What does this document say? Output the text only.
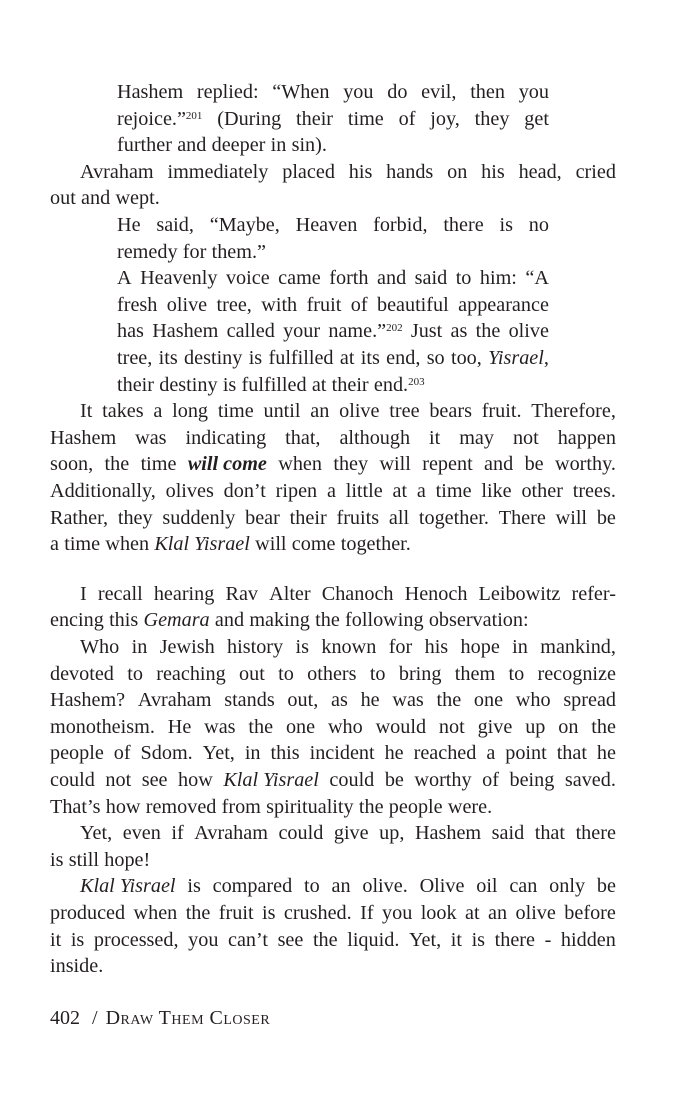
Hashem replied: “When you do evil, then you
rejoice.”$^{201}$ (During their time of joy, they get
further and deeper in sin).
Avraham immediately placed his hands on his head, cried
out and wept.
He said, “Maybe, Heaven forbid, there is no
remedy for them.”
A Heavenly voice came forth and said to him: “A
fresh olive tree, with fruit of beautiful appearance
has Hashem called your name.”$^{202}$ Just as the olive
tree, its destiny is fulfilled at its end, so too, Yisrael,
their destiny is fulfilled at their end.$^{203}$
It takes a long time until an olive tree bears fruit. Therefore,
Hashem was indicating that, although it may not happen
soon, the time will come when they will repent and be worthy.
Additionally, olives don’t ripen a little at a time like other trees.
Rather, they suddenly bear their fruits all together. There will be
a time when Klal Yisrael will come together.
I recall hearing Rav Alter Chanoch Henoch Leibowitz refer-
encing this Gemara and making the following observation:
Who in Jewish history is known for his hope in mankind,
devoted to reaching out to others to bring them to recognize
Hashem? Avraham stands out, as he was the one who spread
monotheism. He was the one who would not give up on the
people of Sdom. Yet, in this incident he reached a point that he
could not see how Klal Yisrael could be worthy of being saved.
That’s how removed from spirituality the people were.
Yet, even if Avraham could give up, Hashem said that there
is still hope!
Klal Yisrael is compared to an olive. Olive oil can only be
produced when the fruit is crushed. If you look at an olive before
it is processed, you can’t see the liquid. Yet, it is there - hidden
inside.
402 / Draw Them Closer
